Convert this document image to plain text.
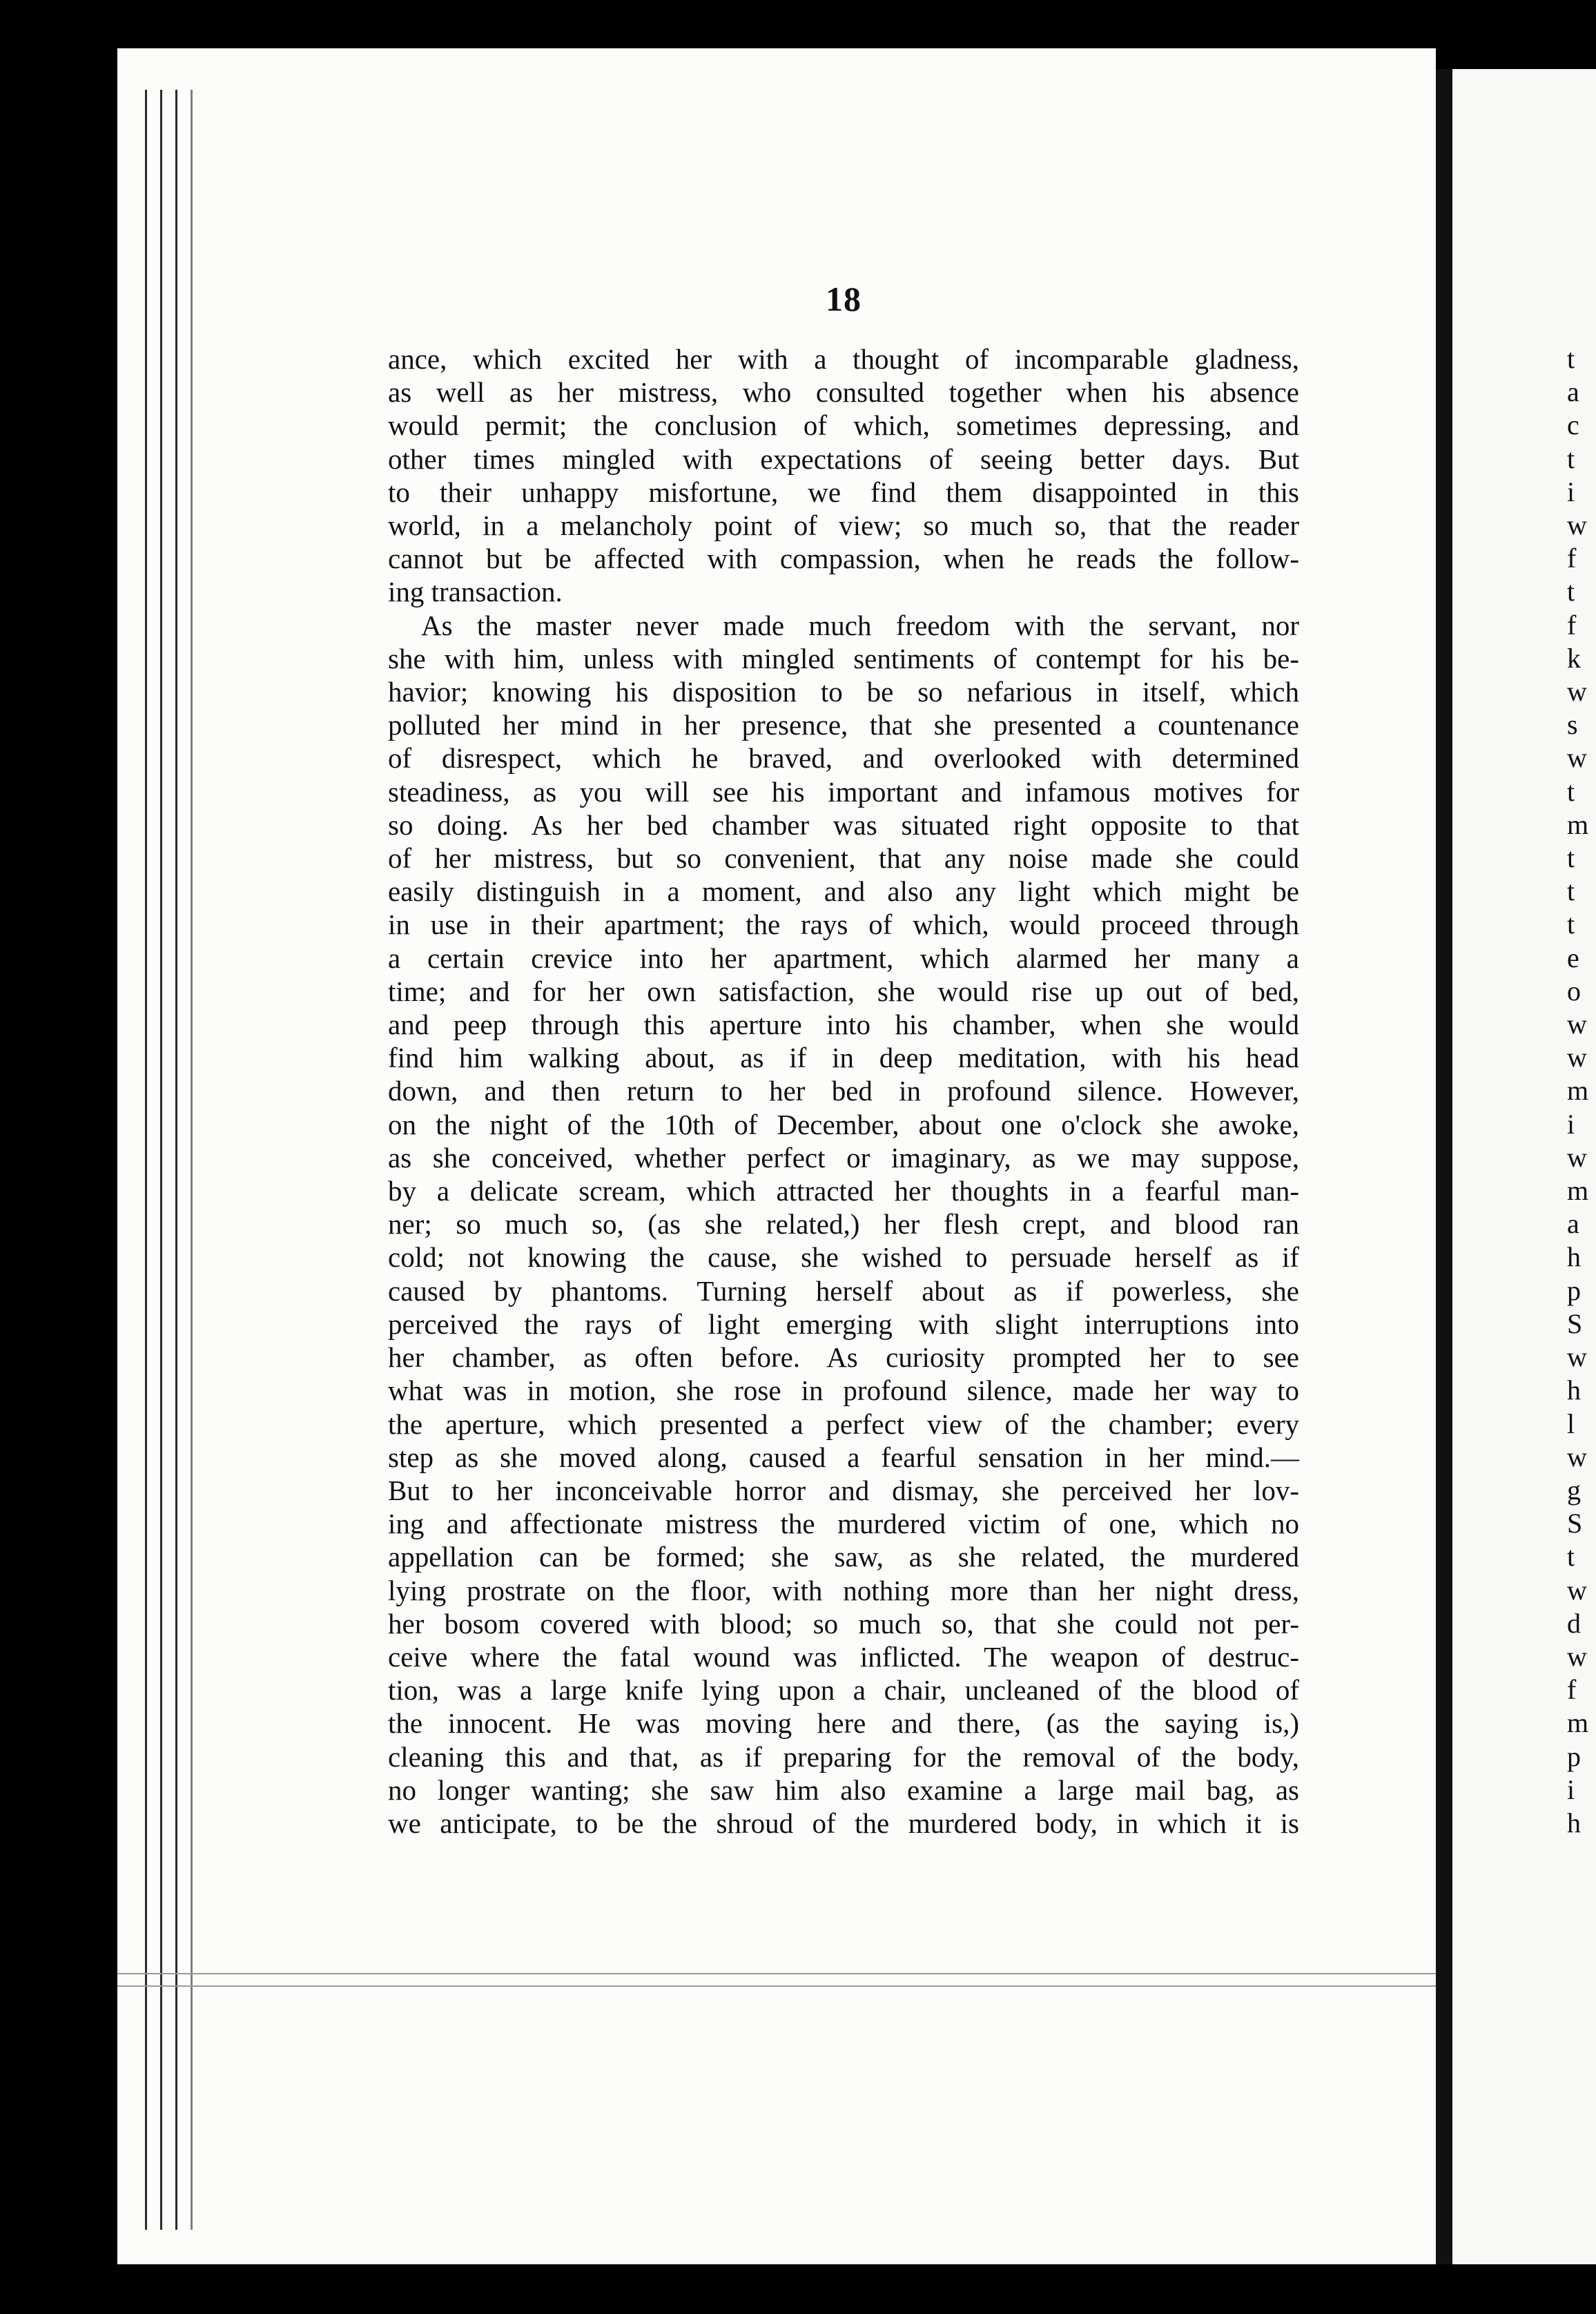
18
ance, which excited her with a thought of incomparable gladness,
as well as her mistress, who consulted together when his absence
would permit; the conclusion of which, sometimes depressing, and
other times mingled with expectations of seeing better days. But
to their unhappy misfortune, we find them disappointed in this
world, in a melancholy point of view; so much so, that the reader
cannot but be affected with compassion, when he reads the follow-
ing transaction.
As the master never made much freedom with the servant, nor
she with him, unless with mingled sentiments of contempt for his be-
havior; knowing his disposition to be so nefarious in itself, which
polluted her mind in her presence, that she presented a countenance
of disrespect, which he braved, and overlooked with determined
steadiness, as you will see his important and infamous motives for
so doing. As her bed chamber was situated right opposite to that
of her mistress, but so convenient, that any noise made she could
easily distinguish in a moment, and also any light which might be
in use in their apartment; the rays of which, would proceed through
a certain crevice into her apartment, which alarmed her many a
time; and for her own satisfaction, she would rise up out of bed,
and peep through this aperture into his chamber, when she would
find him walking about, as if in deep meditation, with his head
down, and then return to her bed in profound silence. However,
on the night of the 10th of December, about one o'clock she awoke,
as she conceived, whether perfect or imaginary, as we may suppose,
by a delicate scream, which attracted her thoughts in a fearful man-
ner; so much so, (as she related,) her flesh crept, and blood ran
cold; not knowing the cause, she wished to persuade herself as if
caused by phantoms. Turning herself about as if powerless, she
perceived the rays of light emerging with slight interruptions into
her chamber, as often before. As curiosity prompted her to see
what was in motion, she rose in profound silence, made her way to
the aperture, which presented a perfect view of the chamber; every
step as she moved along, caused a fearful sensation in her mind.—
But to her inconceivable horror and dismay, she perceived her lov-
ing and affectionate mistress the murdered victim of one, which no
appellation can be formed; she saw, as she related, the murdered
lying prostrate on the floor, with nothing more than her night dress,
her bosom covered with blood; so much so, that she could not per-
ceive where the fatal wound was inflicted. The weapon of destruc-
tion, was a large knife lying upon a chair, uncleaned of the blood of
the innocent. He was moving here and there, (as the saying is,)
cleaning this and that, as if preparing for the removal of the body,
no longer wanting; she saw him also examine a large mail bag, as
we anticipate, to be the shroud of the murdered body, in which it is
t
a
c
t
i
w
f
t
f
k
w
s
w
t
m
t
t
t
e
o
w
w
m
i
w
m
a
h
p
S
w
h
l
w
g
S
t
w
d
w
f
m
p
i
h
